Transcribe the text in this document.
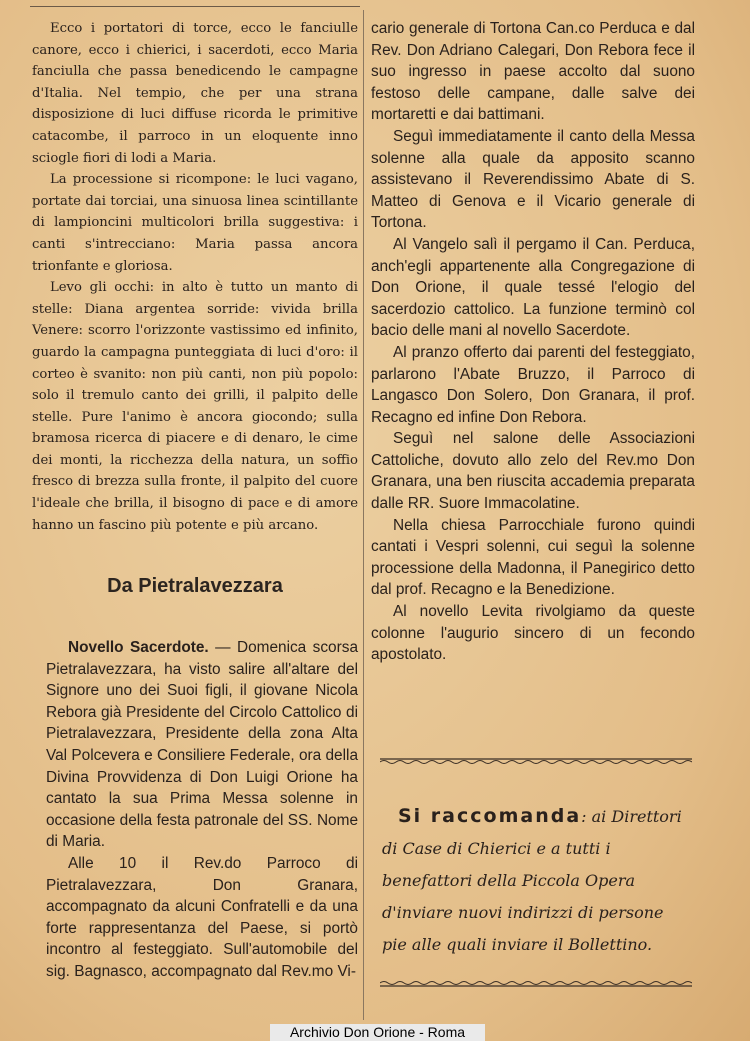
Ecco i portatori di torce, ecco le fanciulle canore, ecco i chierici, i sacerdoti, ecco Maria fanciulla che passa benedicendo le campagne d'Italia. Nel tempio, che per una strana disposizione di luci diffuse ricorda le primitive catacombe, il parroco in un eloquente inno sciogle fiori di lodi a Maria.

La processione si ricompone: le luci vagano, portate dai torciai, una sinuosa linea scintillante di lampioncini multicolori brilla suggestiva: i canti s'intrecciano: Maria passa ancora trionfante e gloriosa.

Levo gli occhi: in alto è tutto un manto di stelle: Diana argentea sorride: vivida brilla Venere: scorro l'orizzonte vastissimo ed infinito, guardo la campagna punteggiata di luci d'oro: il corteo è svanito: non più canti, non più popolo: solo il tremulo canto dei grilli, il palpito delle stelle. Pure l'animo è ancora giocondo; sulla bramosa ricerca di piacere e di denaro, le cime dei monti, la ricchezza della natura, un soffio fresco di brezza sulla fronte, il palpito del cuore l'ideale che brilla, il bisogno di pace e di amore hanno un fascino più potente e più arcano.

Da Pietralavezzara

Novello Sacerdote. — Domenica scorsa Pietralavezzara, ha visto salire all'altare del Signore uno dei Suoi figli, il giovane Nicola Rebora già Presidente del Circolo Cattolico di Pietralavezzara, Presidente della zona Alta Val Polcevera e Consiliere Federale, ora della Divina Provvidenza di Don Luigi Orione ha cantato la sua Prima Messa solenne in occasione della festa patronale del SS. Nome di Maria.

Alle 10 il Rev.do Parroco di Pietralavezzara, Don Granara, accompagnato da alcuni Confratelli e da una forte rappresentanza del Paese, si portò incontro al festeggiato. Sull'automobile del sig. Bagnasco, accompagnato dal Rev.mo Vi-

cario generale di Tortona Can.co Perduca e dal Rev. Don Adriano Calegari, Don Rebora fece il suo ingresso in paese accolto dal suono festoso delle campane, dalle salve dei mortaretti e dai battimani.

Seguì immediatamente il canto della Messa solenne alla quale da apposito scanno assistevano il Reverendissimo Abate di S. Matteo di Genova e il Vicario generale di Tortona.

Al Vangelo salì il pergamo il Can. Perduca, anch'egli appartenente alla Congregazione di Don Orione, il quale tessé l'elogio del sacerdozio cattolico. La funzione terminò col bacio delle mani al novello Sacerdote.

Al pranzo offerto dai parenti del festeggiato, parlarono l'Abate Bruzzo, il Parroco di Langasco Don Solero, Don Granara, il prof. Recagno ed infine Don Rebora.

Seguì nel salone delle Associazioni Cattoliche, dovuto allo zelo del Rev.mo Don Granara, una ben riuscita accademia preparata dalle RR. Suore Immacolatine.

Nella chiesa Parrocchiale furono quindi cantati i Vespri solenni, cui seguì la solenne processione della Madonna, il Panegirico detto dal prof. Recagno e la Benedizione.

Al novello Levita rivolgiamo da queste colonne l'augurio sincero di un fecondo apostolato.

Si raccomanda: ai Direttori di Case di Chierici e a tutti i benefattori della Piccola Opera d'inviare nuovi indirizzi di persone pie alle quali inviare il Bollettino.
Archivio Don Orione - Roma
